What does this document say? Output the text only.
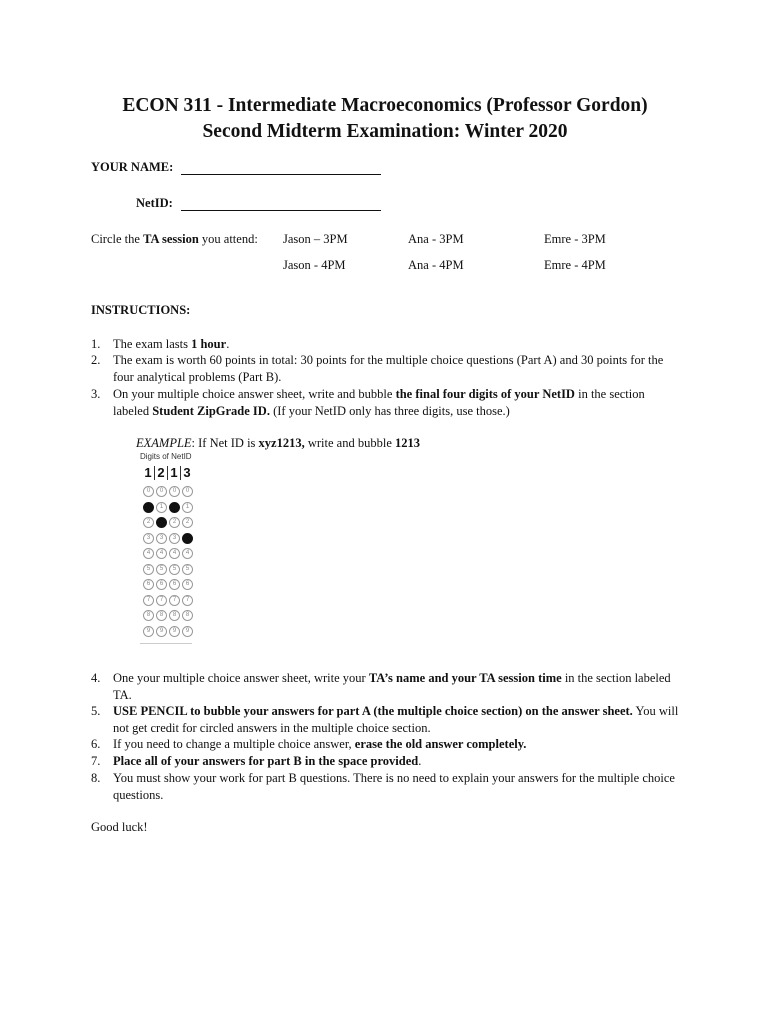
ECON 311 - Intermediate Macroeconomics (Professor Gordon)
Second Midterm Examination: Winter 2020
YOUR NAME:
NetID:
Circle the TA session you attend: Jason – 3PM	Ana - 3PM	Emre - 3PM
Jason - 4PM	Ana - 4PM	Emre - 4PM
INSTRUCTIONS:
1.	The exam lasts 1 hour.
2.	The exam is worth 60 points in total: 30 points for the multiple choice questions (Part A) and 30 points for the four analytical problems (Part B).
3.	On your multiple choice answer sheet, write and bubble the final four digits of your NetID in the section labeled Student ZipGrade ID. (If your NetID only has three digits, use those.)
EXAMPLE: If Net ID is xyz1213, write and bubble 1213
Digits of NetID
1 2 1 3
0	0	0	0
1	1	1	1
2	2	2	2
3	3	3	3
4	4	4	4
5	5	5	5
6	6	6	6
7	7	7	7
8	8	8	8
9	9	9	9
4.	One your multiple choice answer sheet, write your TA’s name and your TA session time in the section labeled TA.
5.	USE PENCIL to bubble your answers for part A (the multiple choice section) on the answer sheet. You will not get credit for circled answers in the multiple choice section.
6.	If you need to change a multiple choice answer, erase the old answer completely.
7.	Place all of your answers for part B in the space provided.
8.	You must show your work for part B questions. There is no need to explain your answers for the multiple choice questions.
Good luck!
